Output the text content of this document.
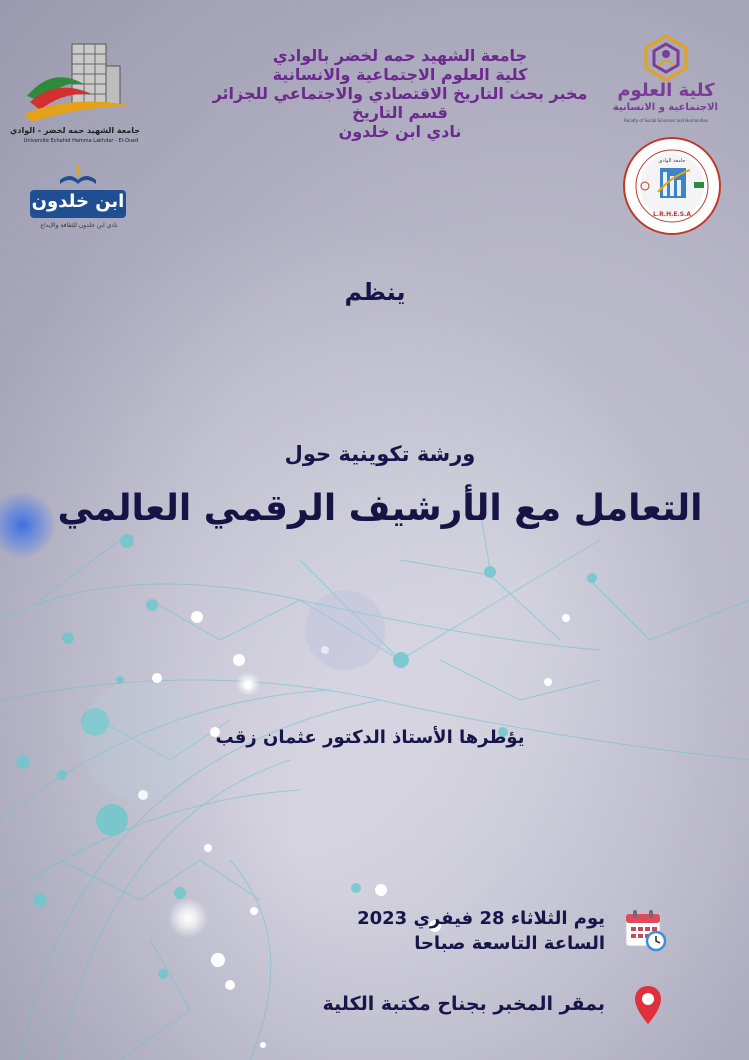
جامعة الشهيد حمه لخضر - الوادي
Université Echahid Hamma Lakhdar - El-Oued
ابن خلدون
نادي ابن خلدون للثقافة والإبداع
كلية العلوم
الاجتماعية و الانسانية
Faculty of Social Sciences and Humanities
جامعة الوادي
L.R.H.E.S.A
جامعة الشهيد حمه لخضر بالوادي
كلية العلوم الاجتماعية والانسانية
مخبر بحث التاريخ الاقتصادي والاجتماعي للجزائر
قسم التاريخ
نادي ابن خلدون
ينظم
ورشة تكوينية حول
التعامل مع الأرشيف الرقمي العالمي
يؤطرها الأستاذ الدكتور عثمان زقب
يوم الثلاثاء 28 فيفري 2023
الساعة التاسعة صباحا
بمقر المخبر بجناح مكتبة الكلية
